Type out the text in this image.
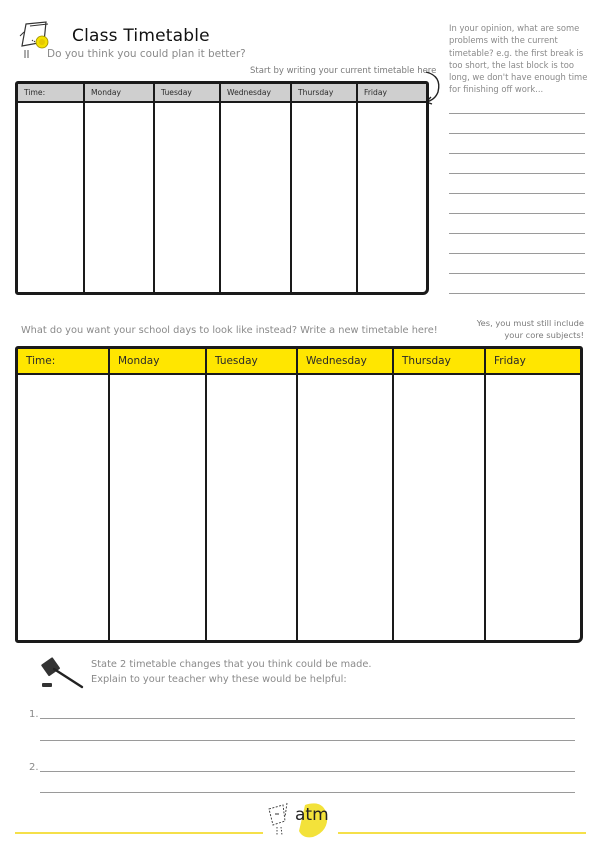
Class Timetable
Do you think you could plan it better?
Start by writing your current timetable here
In your opinion, what are some problems with the current timetable? e.g. the first break is too short, the last block is too long, we don't have enough time for finishing off work...
Time:	Monday	Tuesday	Wednesday	Thursday	Friday
What do you want your school days to look like instead? Write a new timetable here!
Yes, you must still include your core subjects!
Time:	Monday	Tuesday	Wednesday	Thursday	Friday
State 2 timetable changes that you think could be made.
Explain to your teacher why these would be helpful:
1.
2.
atm
